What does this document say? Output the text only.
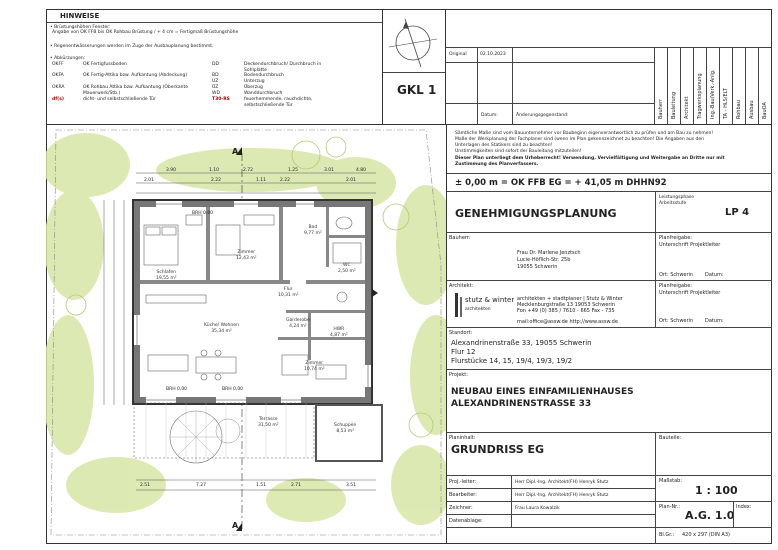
HINWEISE
• Brüstungshöhen Fenster:
Angabe von OK FFB bis OK Rohbau Brüstung / + 4 cm = Fertigmaß Brüstungshöhe
• Regenentwässerungen werden im Zuge der Ausbauplanung bestimmt.
• Abkürzungen:
OKFF	OK Fertigfussboden
OKFA	OK Fertig-Attika bzw. Aufkantung (Abdeckung)
OKRA	OK Rohbau Attika bzw. Aufkantung (Oberkante Mauerwerk/Stb.)
df(s)	dicht- und selbstschließende Tür
DD	Deckendurchbruch/ Durchbruch in Sohlplatte
BD	Bodendurchbruch
UZ	Unterzug
ÜZ	Überzug
WD	Wanddurchbruch
T30-RS	feuerhemmende, rauchdichte, selbstschließende Tür
GKL 1
Original	02.10.2023
Datum:	Änderungsgegenstand:	Bauherr Bauleitung Architekt Tragwerksplanung Ing.-Bau/Verk.-Anlg. TA - HLS/ELT Rohbau Ausbau BauOA
A
A
3.90	1.10	2.72	1.25	3.01	4.80
2.01	2.22	1.11	2.22	2.01
2.51	7.27	1.51	2.71	3.51
Schlafen
19,55 m²
Zimmer
12,43 m²
Bad
9,77 m²
WC
2,50 m²
Flur
10,31 m²
Garderobe
4,24 m²
HWR
4,87 m²
Küche/ Wohnen
35,34 m²
Zimmer
10,74 m²
Terrasse
31,50 m²	Schuppen
8,53 m²
BRH 0,00
BRH 0,00	BRH 0,00
Sämtliche Maße sind vom Bauunternehmer vor Baubeginn eigenverantwortlich zu prüfen und am Bau zu nehmen!
Maße der Werkplanung der Fachplaner sind (wenn im Plan gekennzeichnet zu beachten! Die Angaben aus den
Unterlagen des Statikers sind zu beachten!
Unstimmigkeiten sind sofort der Bauleitung mitzuteilen!
Dieser Plan unterliegt dem Urheberrecht! Verwendung, Vervielfältigung und Weitergabe an Dritte nur mit
Zustimmung des Planverfassers.
± 0,00 m = OK FFB EG = + 41,05 m DHHN92
GENEHMIGUNGSPLANUNG
Leistungsphase Arbeitsstufe
LP 4
Bauherr:
Frau Dr. Marlene Jenztsch
Lucie-Höflich-Str. 25b
19055 Schwerin
Planfreigabe:
Unterschrift Projektleiter
Ort: Schwerin Datum:
Architekt:
stutz & winter
architekten
architekten + stadtplaner | Stutz & Winter
Mecklenburgstraße 13 19053 Schwerin
Fon +49 (0) 385 / 7610 - 665 Fax - 735
mail:office@assw.de http://www.assw.de
Planfreigabe:
Unterschrift Projektleiter
Ort: Schwerin Datum:
Standort:
Alexandrinenstraße 33, 19055 Schwerin
Flur 12
Flurstücke 14, 15, 19/4, 19/3, 19/2
Projekt:
NEUBAU EINES EINFAMILIENHAUSES
ALEXANDRINENSTRASSE 33
Planinhalt:
GRUNDRISS EG
Bauteile:
Proj.-leiter:	Herr Dipl.-Ing. Architekt(FH) Henryk Stutz
Bearbeiter:	Herr Dipl.-Ing. Architekt(FH) Henryk Stutz
Zeichner:	Frau Laura Kowalzik
Datenablage:
Maßstab:
1 : 100
Plan-Nr.:
A.G. 1.0
Index:
Bl.Gr.: 420 x 297 (DIN A3)
